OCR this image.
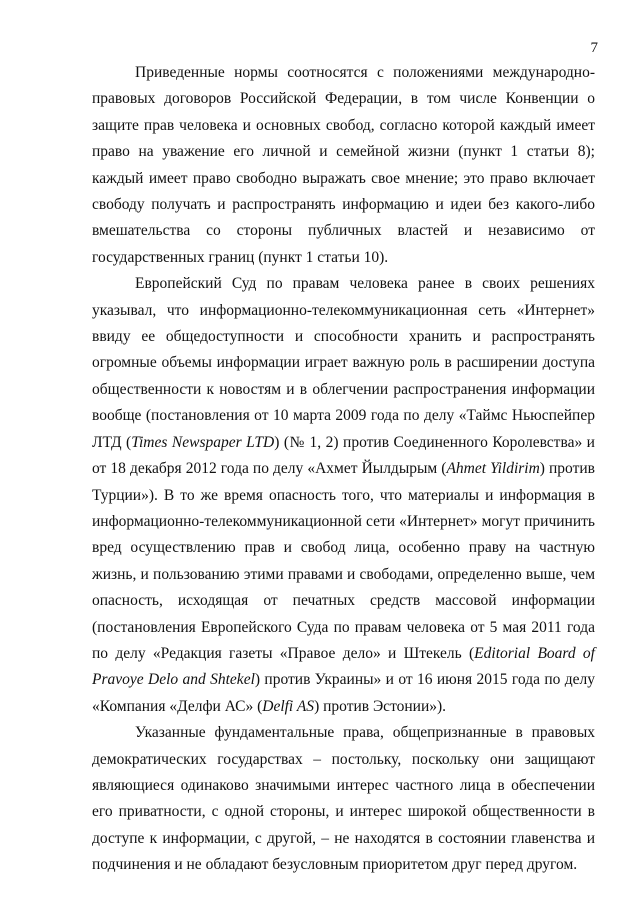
7

Приведенные нормы соотносятся с положениями международно-правовых договоров Российской Федерации, в том числе Конвенции о защите прав человека и основных свобод, согласно которой каждый имеет право на уважение его личной и семейной жизни (пункт 1 статьи 8); каждый имеет право свободно выражать свое мнение; это право включает свободу получать и распространять информацию и идеи без какого-либо вмешательства со стороны публичных властей и независимо от государственных границ (пункт 1 статьи 10).

Европейский Суд по правам человека ранее в своих решениях указывал, что информационно-телекоммуникационная сеть «Интернет» ввиду ее общедоступности и способности хранить и распространять огромные объемы информации играет важную роль в расширении доступа общественности к новостям и в облегчении распространения информации вообще (постановления от 10 марта 2009 года по делу «Таймс Ньюспейпер ЛТД (Times Newspaper LTD) (№ 1, 2) против Соединенного Королевства» и от 18 декабря 2012 года по делу «Ахмет Йылдырым (Ahmet Yildirim) против Турции»). В то же время опасность того, что материалы и информация в информационно-телекоммуникационной сети «Интернет» могут причинить вред осуществлению прав и свобод лица, особенно праву на частную жизнь, и пользованию этими правами и свободами, определенно выше, чем опасность, исходящая от печатных средств массовой информации (постановления Европейского Суда по правам человека от 5 мая 2011 года по делу «Редакция газеты «Правое дело» и Штекель (Editorial Board of Pravoye Delo and Shtekel) против Украины» и от 16 июня 2015 года по делу «Компания «Делфи АС» (Delfi AS) против Эстонии»).

Указанные фундаментальные права, общепризнанные в правовых демократических государствах – постольку, поскольку они защищают являющиеся одинаково значимыми интерес частного лица в обеспечении его приватности, с одной стороны, и интерес широкой общественности в доступе к информации, с другой, – не находятся в состоянии главенства и подчинения и не обладают безусловным приоритетом друг перед другом.
